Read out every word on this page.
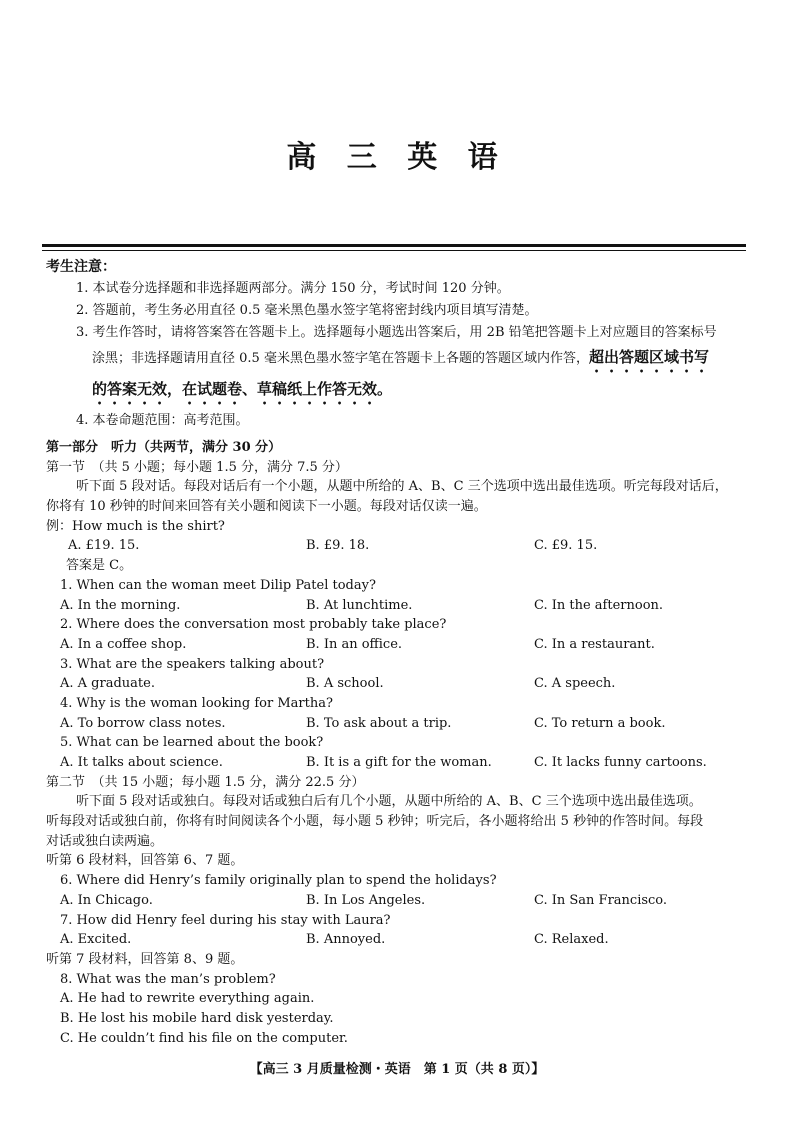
高 三 英 语
考生注意：
1. 本试卷分选择题和非选择题两部分。满分 150 分，考试时间 120 分钟。
2. 答题前，考生务必用直径 0.5 毫米黑色墨水签字笔将密封线内项目填写清楚。
3. 考生作答时，请将答案答在答题卡上。选择题每小题选出答案后，用 2B 铅笔把答题卡上对应题目的答案标号
涂黑；非选择题请用直径 0.5 毫米黑色墨水签字笔在答题卡上各题的答题区域内作答，超出答题区域书写
的答案无效，在试题卷、草稿纸上作答无效。
4. 本卷命题范围：高考范围。
第一部分　听力（共两节，满分 30 分）
第一节　（共 5 小题；每小题 1.5 分，满分 7.5 分）
听下面 5 段对话。每段对话后有一个小题，从题中所给的 A、B、C 三个选项中选出最佳选项。听完每段对话后，
你将有 10 秒钟的时间来回答有关小题和阅读下一小题。每段对话仅读一遍。
例：How much is the shirt?
A. £19. 15.	B. £9. 18.	C. £9. 15.
答案是 C。
1. When can the woman meet Dilip Patel today?
A. In the morning.	B. At lunchtime.	C. In the afternoon.
2. Where does the conversation most probably take place?
A. In a coffee shop.	B. In an office.	C. In a restaurant.
3. What are the speakers talking about?
A. A graduate.	B. A school.	C. A speech.
4. Why is the woman looking for Martha?
A. To borrow class notes.	B. To ask about a trip.	C. To return a book.
5. What can be learned about the book?
A. It talks about science.	B. It is a gift for the woman.	C. It lacks funny cartoons.
第二节　（共 15 小题；每小题 1.5 分，满分 22.5 分）
听下面 5 段对话或独白。每段对话或独白后有几个小题，从题中所给的 A、B、C 三个选项中选出最佳选项。
听每段对话或独白前，你将有时间阅读各个小题，每小题 5 秒钟；听完后，各小题将给出 5 秒钟的作答时间。每段
对话或独白读两遍。
听第 6 段材料，回答第 6、7 题。
6. Where did Henry’s family originally plan to spend the holidays?
A. In Chicago.	B. In Los Angeles.	C. In San Francisco.
7. How did Henry feel during his stay with Laura?
A. Excited.	B. Annoyed.	C. Relaxed.
听第 7 段材料，回答第 8、9 题。
8. What was the man’s problem?
A. He had to rewrite everything again.
B. He lost his mobile hard disk yesterday.
C. He couldn’t find his file on the computer.
【高三 3 月质量检测・英语　第 1 页（共 8 页）】
